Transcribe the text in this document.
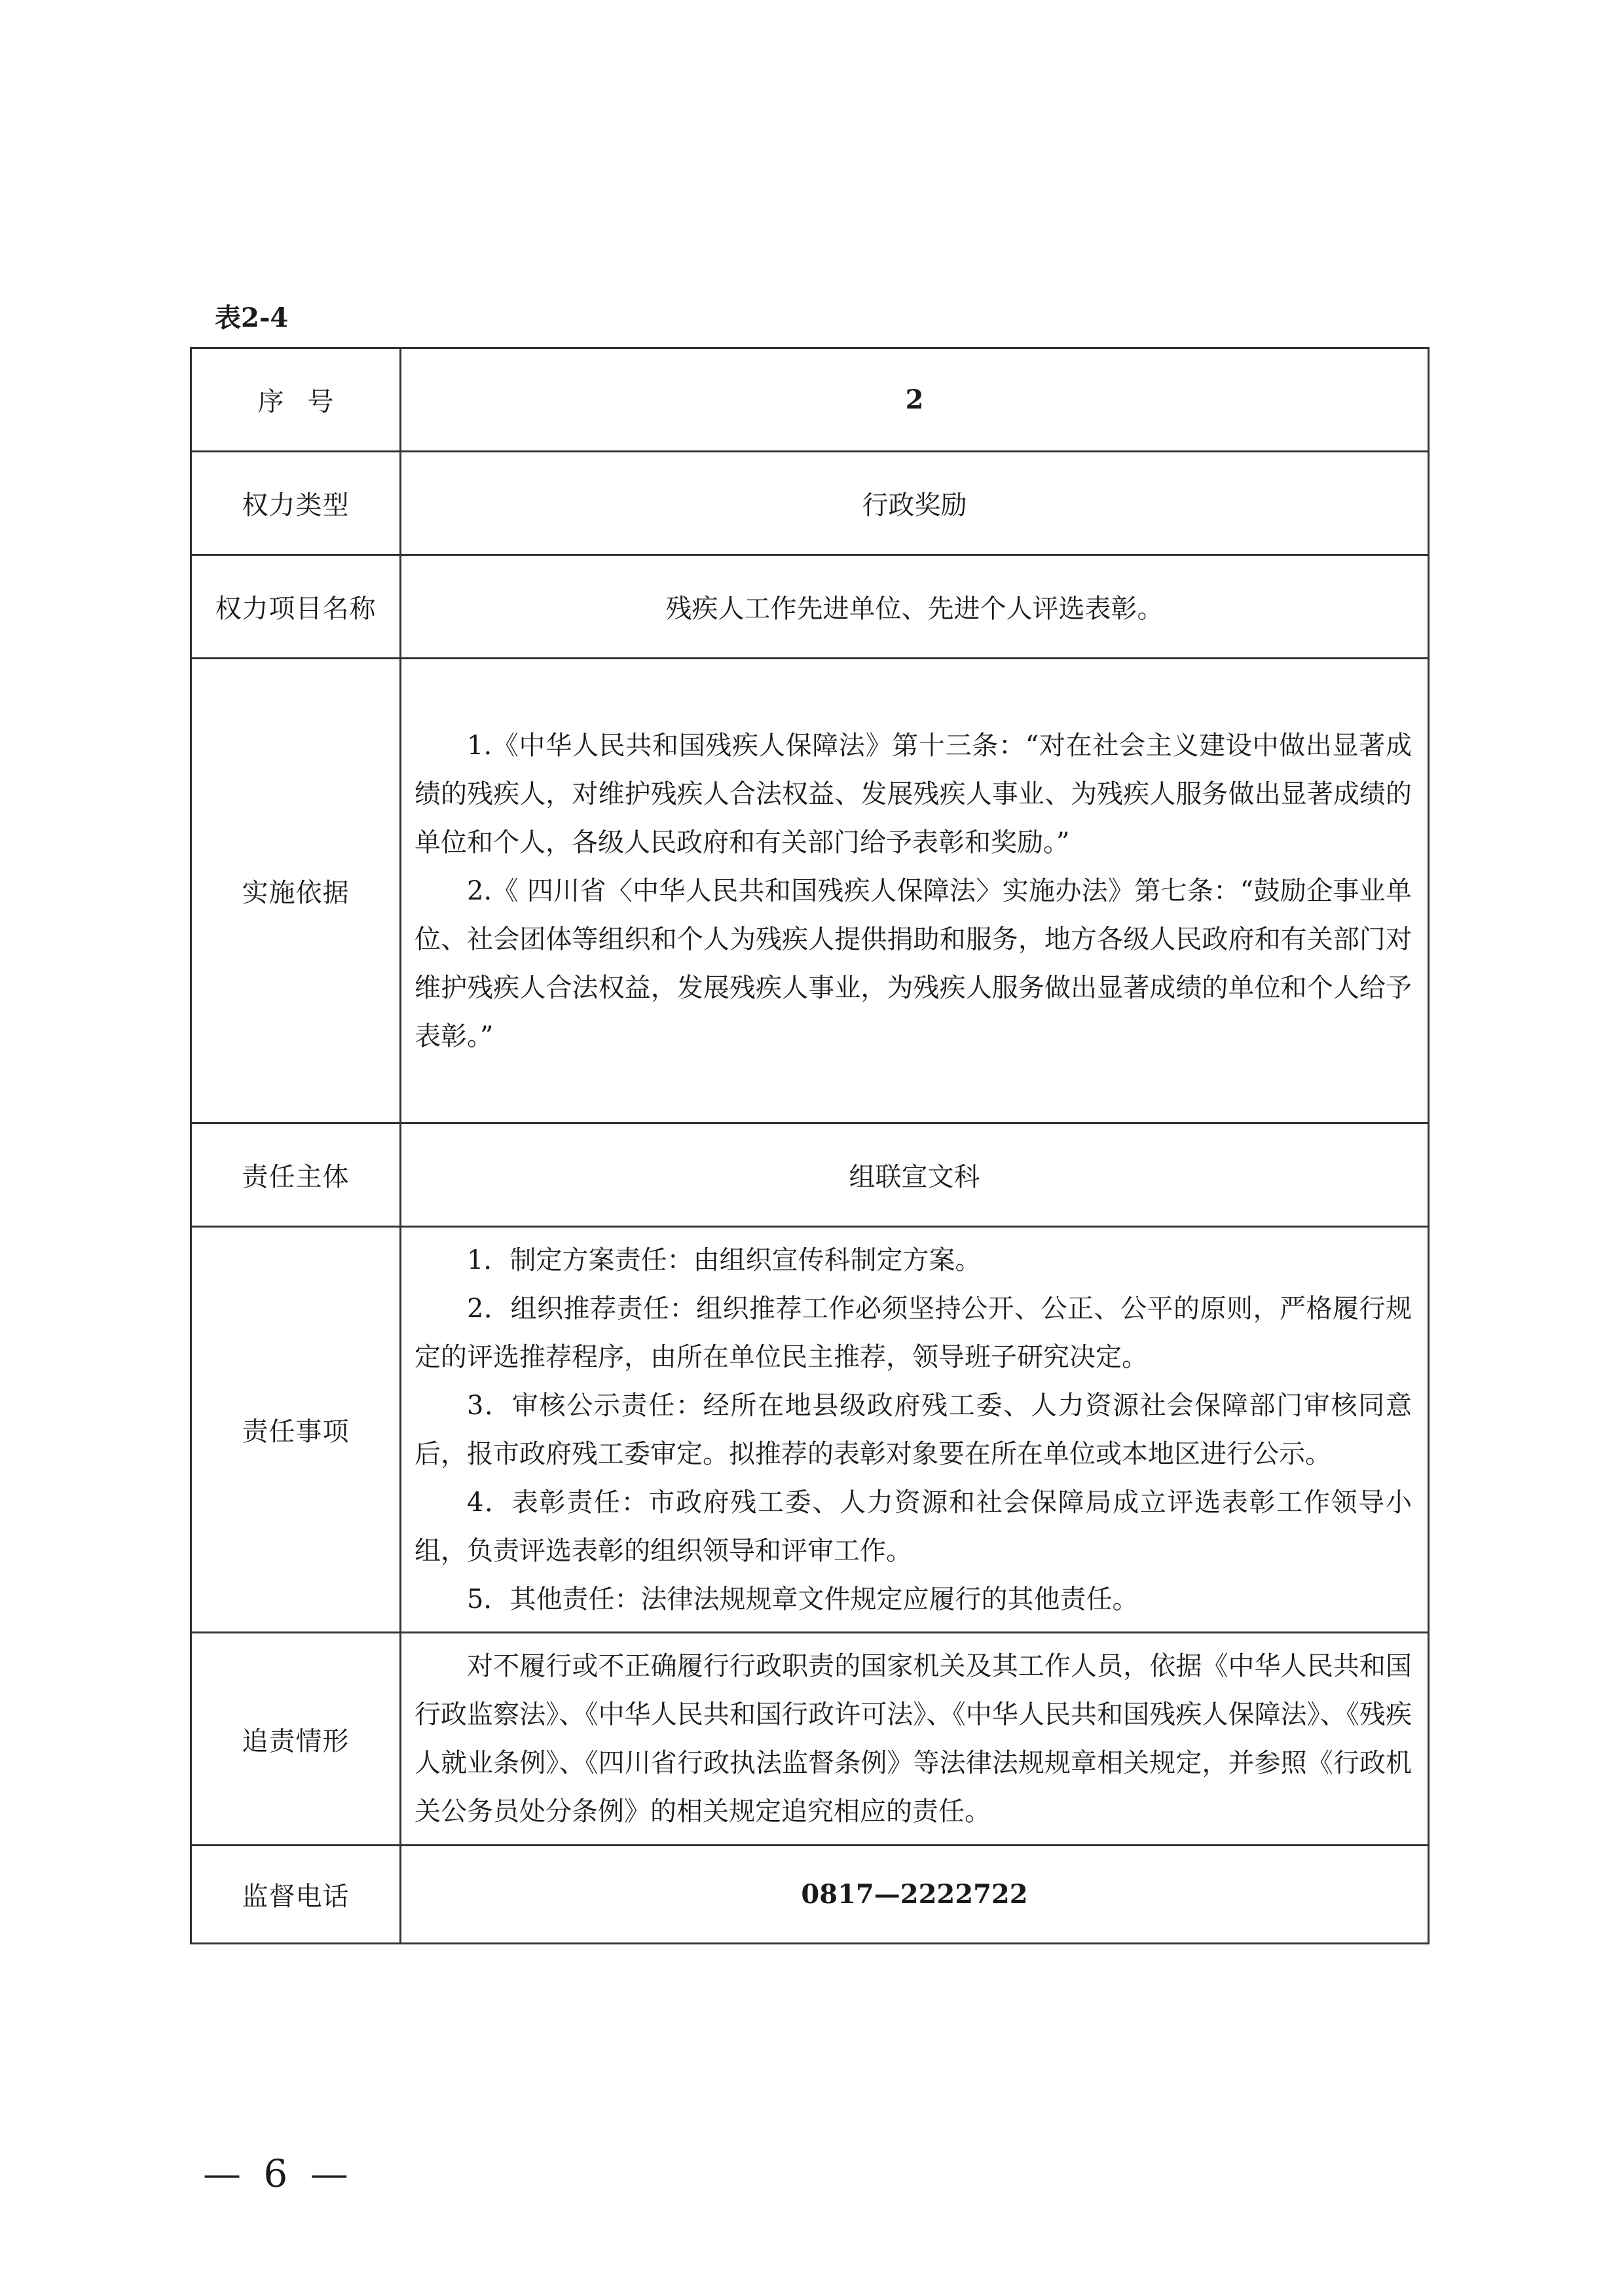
表2-4
序号	2
权力类型	行政奖励
权力项目名称	残疾人工作先进单位、先进个人评选表彰。
实施依据	1.《中华人民共和国残疾人保障法》第十三条：“对在社会主义建设中做出显著成绩的残疾人，对维护残疾人合法权益、发展残疾人事业、为残疾人服务做出显著成绩的单位和个人，各级人民政府和有关部门给予表彰和奖励。”

2.《 四川省〈中华人民共和国残疾人保障法〉实施办法》第七条：“鼓励企事业单位、社会团体等组织和个人为残疾人提供捐助和服务，地方各级人民政府和有关部门对维护残疾人合法权益，发展残疾人事业，为残疾人服务做出显著成绩的单位和个人给予表彰。”

责任主体	组联宣文科
责任事项	1．制定方案责任：由组织宣传科制定方案。

2．组织推荐责任：组织推荐工作必须坚持公开、公正、公平的原则，严格履行规定的评选推荐程序，由所在单位民主推荐，领导班子研究决定。

3．审核公示责任：经所在地县级政府残工委、人力资源社会保障部门审核同意后，报市政府残工委审定。拟推荐的表彰对象要在所在单位或本地区进行公示。

4．表彰责任：市政府残工委、人力资源和社会保障局成立评选表彰工作领导小组，负责评选表彰的组织领导和评审工作。

5．其他责任：法律法规规章文件规定应履行的其他责任。

追责情形	对不履行或不正确履行行政职责的国家机关及其工作人员，依据《中华人民共和国行政监察法》、《中华人民共和国行政许可法》、《中华人民共和国残疾人保障法》、《残疾人就业条例》、《四川省行政执法监督条例》等法律法规规章相关规定，并参照《行政机关公务员处分条例》的相关规定追究相应的责任。

监督电话	0817—2222722
— 6 —
